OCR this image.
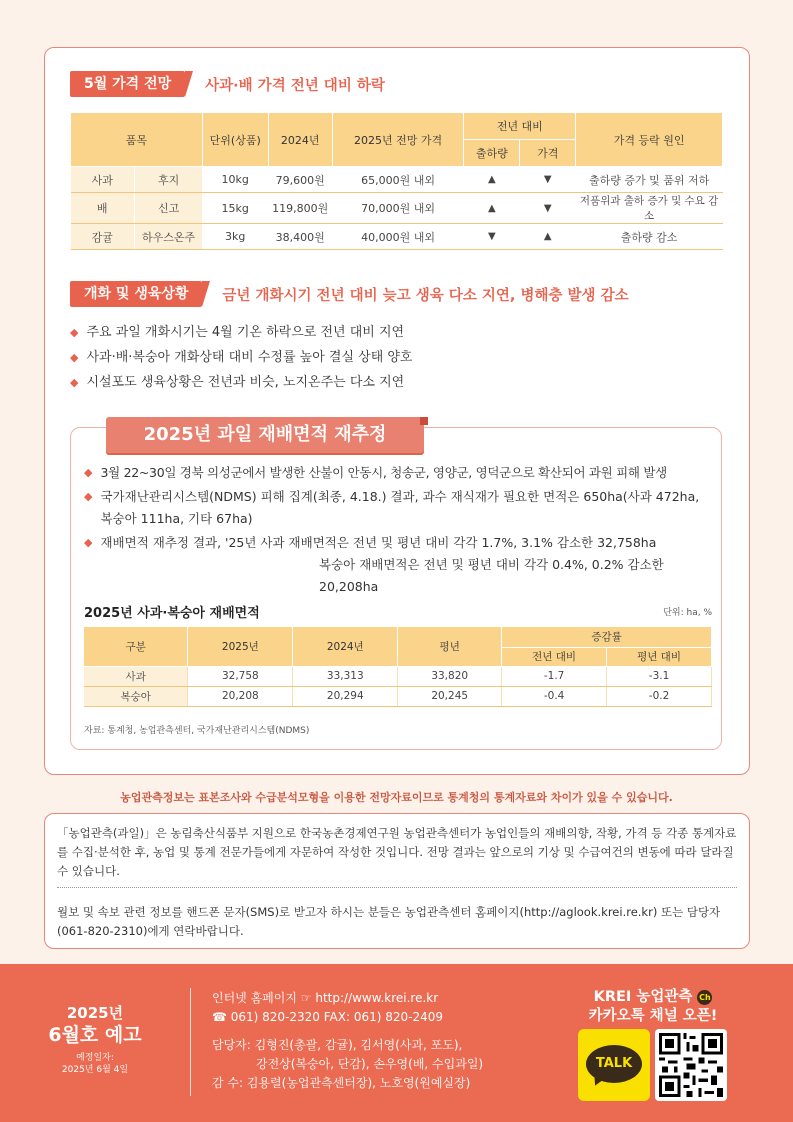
5월 가격 전망	사과·배 가격 전년 대비 하락
품목		단위(상품)	2024년	2025년 전망 가격	전년 대비		가격 등락 원인
					출하량	가격	
사과	후지	10kg	79,600원	65,000원 내외	▲	▼	출하량 증가 및 품위 저하
배	신고	15kg	119,800원	70,000원 내외	▲	▼	저품위과 출하 증가 및 수요 감소
감귤	하우스온주	3kg	38,400원	40,000원 내외	▼	▲	출하량 감소
개화 및 생육상황	금년 개화시기 전년 대비 늦고 생육 다소 지연, 병해충 발생 감소
◆ 주요 과일 개화시기는 4월 기온 하락으로 전년 대비 지연
◆ 사과·배·복숭아 개화상태 대비 수정률 높아 결실 상태 양호
◆ 시설포도 생육상황은 전년과 비슷, 노지온주는 다소 지연
2025년 과일 재배면적 재추정
◆ 3월 22~30일 경북 의성군에서 발생한 산불이 안동시, 청송군, 영양군, 영덕군으로 확산되어 과원 피해 발생
◆ 국가재난관리시스템(NDMS) 피해 집계(최종, 4.18.) 결과, 과수 재식재가 필요한 면적은 650ha(사과 472ha, 복숭아 111ha, 기타 67ha)
◆ 재배면적 재추정 결과, '25년 사과 재배면적은 전년 및 평년 대비 각각 1.7%, 3.1% 감소한 32,758ha
복숭아 재배면적은 전년 및 평년 대비 각각 0.4%, 0.2% 감소한 20,208ha
2025년 사과·복숭아 재배면적	단위: ha, %
구분	2025년	2024년	평년	증감률	
				전년 대비	평년 대비
사과	32,758	33,313	33,820	-1.7	-3.1
복숭아	20,208	20,294	20,245	-0.4	-0.2
자료: 통계청, 농업관측센터, 국가재난관리시스템(NDMS)
농업관측정보는 표본조사와 수급분석모형을 이용한 전망자료이므로 통계청의 통계자료와 차이가 있을 수 있습니다.
「농업관측(과일)」은 농림축산식품부 지원으로 한국농촌경제연구원 농업관측센터가 농업인들의 재배의향, 작황, 가격 등 각종 통계자료를 수집·분석한 후, 농업 및 통계 전문가들에게 자문하여 작성한 것입니다. 전망 결과는 앞으로의 기상 및 수급여건의 변동에 따라 달라질 수 있습니다.
월보 및 속보 관련 정보를 핸드폰 문자(SMS)로 받고자 하시는 분들은 농업관측센터 홈페이지(http://aglook.krei.re.kr) 또는 담당자(061-820-2310)에게 연락바랍니다.
2025년
6월호 예고
예정일자:
2025년 6월 4일
인터넷 홈페이지 ☞ http://www.krei.re.kr
☎ 061) 820-2320 FAX: 061) 820-2409
담당자: 김형진(총괄, 감귤), 김서영(사과, 포도),
강전상(복숭아, 단감), 손우영(배, 수입과일)
감 수: 김용렬(농업관측센터장), 노호영(원예실장)
KREI 농업관측 Ch
카카오톡 채널 오픈!
TALK
